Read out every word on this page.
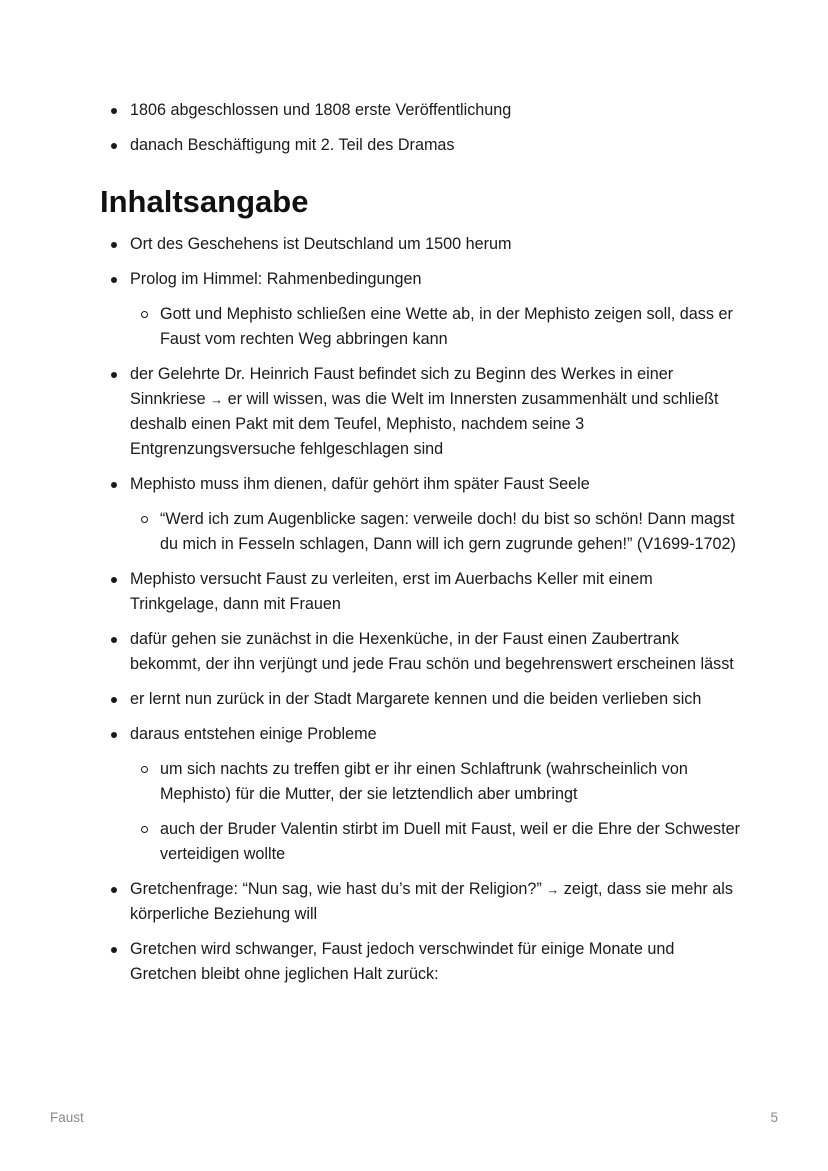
1806 abgeschlossen und 1808 erste Veröffentlichung
danach Beschäftigung mit 2. Teil des Dramas
Inhaltsangabe
Ort des Geschehens ist Deutschland um 1500 herum
Prolog im Himmel: Rahmenbedingungen
Gott und Mephisto schließen eine Wette ab, in der Mephisto zeigen soll, dass er Faust vom rechten Weg abbringen kann
der Gelehrte Dr. Heinrich Faust befindet sich zu Beginn des Werkes in einer Sinnkriese → er will wissen, was die Welt im Innersten zusammenhält und schließt deshalb einen Pakt mit dem Teufel, Mephisto, nachdem seine 3 Entgrenzungsversuche fehlgeschlagen sind
Mephisto muss ihm dienen, dafür gehört ihm später Faust Seele
“Werd ich zum Augenblicke sagen: verweile doch! du bist so schön! Dann magst du mich in Fesseln schlagen, Dann will ich gern zugrunde gehen!” (V1699-1702)
Mephisto versucht Faust zu verleiten, erst im Auerbachs Keller mit einem Trinkgelage, dann mit Frauen
dafür gehen sie zunächst in die Hexenküche, in der Faust einen Zaubertrank bekommt, der ihn verjüngt und jede Frau schön und begehrenswert erscheinen lässt
er lernt nun zurück in der Stadt Margarete kennen und die beiden verlieben sich
daraus entstehen einige Probleme
um sich nachts zu treffen gibt er ihr einen Schlaftrunk (wahrscheinlich von Mephisto) für die Mutter, der sie letztendlich aber umbringt
auch der Bruder Valentin stirbt im Duell mit Faust, weil er die Ehre der Schwester verteidigen wollte
Gretchenfrage: “Nun sag, wie hast du’s mit der Religion?” → zeigt, dass sie mehr als körperliche Beziehung will
Gretchen wird schwanger, Faust jedoch verschwindet für einige Monate und Gretchen bleibt ohne jeglichen Halt zurück:
Faust	5
